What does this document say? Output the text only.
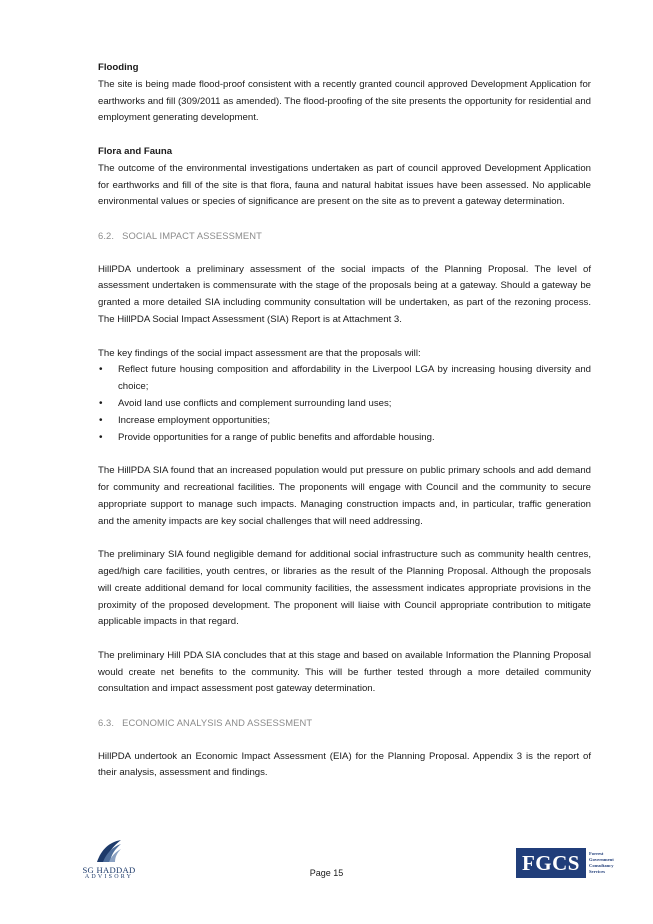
Flooding

The site is being made flood-proof consistent with a recently granted council approved Development Application for earthworks and fill (309/2011 as amended). The flood-proofing of the site presents the opportunity for residential and employment generating development.

Flora and Fauna

The outcome of the environmental investigations undertaken as part of council approved Development Application for earthworks and fill of the site is that flora, fauna and natural habitat issues have been assessed. No applicable environmental values or species of significance are present on the site as to prevent a gateway determination.

6.2.   SOCIAL IMPACT ASSESSMENT

HillPDA undertook a preliminary assessment of the social impacts of the Planning Proposal. The level of assessment undertaken is commensurate with the stage of the proposals being at a gateway. Should a gateway be granted a more detailed SIA including community consultation will be undertaken, as part of the rezoning process. The HillPDA Social Impact Assessment (SIA) Report is at Attachment 3.

The key findings of the social impact assessment are that the proposals will:

• Reflect future housing composition and affordability in the Liverpool LGA by increasing housing diversity and choice;
• Avoid land use conflicts and complement surrounding land uses;
• Increase employment opportunities;
• Provide opportunities for a range of public benefits and affordable housing.

The HillPDA SIA found that an increased population would put pressure on public primary schools and add demand for community and recreational facilities. The proponents will engage with Council and the community to secure appropriate support to manage such impacts. Managing construction impacts and, in particular, traffic generation and the amenity impacts are key social challenges that will need addressing.

The preliminary SIA found negligible demand for additional social infrastructure such as community health centres, aged/high care facilities, youth centres, or libraries as the result of the Planning Proposal. Although the proposals will create additional demand for local community facilities, the assessment indicates appropriate provisions in the proximity of the proposed development. The proponent will liaise with Council appropriate contribution to mitigate applicable impacts in that regard.

The preliminary Hill PDA SIA concludes that at this stage and based on available Information the Planning Proposal would create net benefits to the community. This will be further tested through a more detailed community consultation and impact assessment post gateway determination.

6.3.   ECONOMIC ANALYSIS AND ASSESSMENT

HillPDA undertook an Economic Impact Assessment (EIA) for the Planning Proposal. Appendix 3 is the report of their analysis, assessment and findings.

SG HADDAD
ADVISORY	Page 15	FGCS	Forrest
Government
Consultancy
Services
